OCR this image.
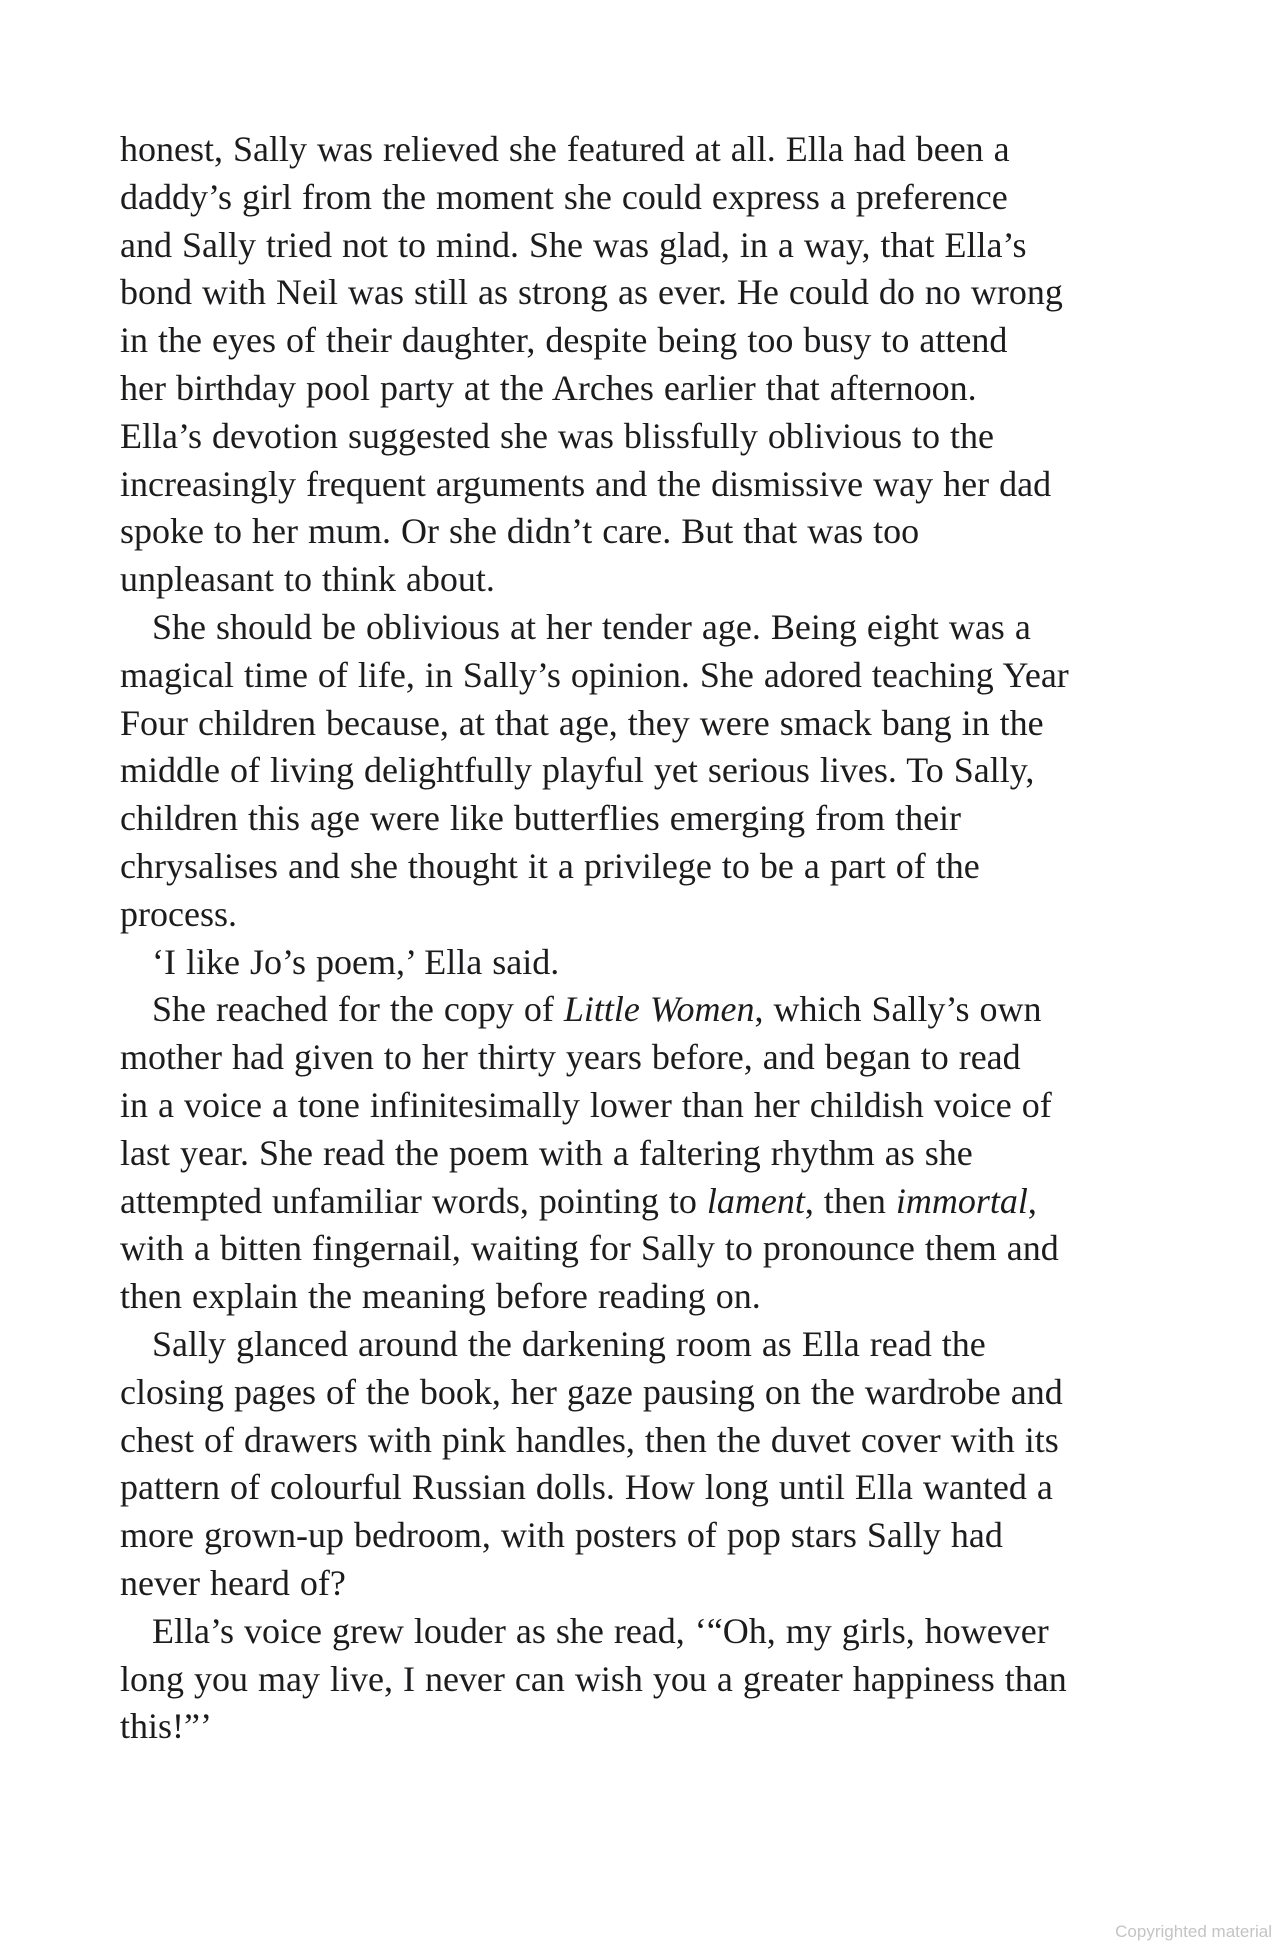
honest, Sally was relieved she featured at all. Ella had been a
daddy’s girl from the moment she could express a preference
and Sally tried not to mind. She was glad, in a way, that Ella’s
bond with Neil was still as strong as ever. He could do no wrong
in the eyes of their daughter, despite being too busy to attend
her birthday pool party at the Arches earlier that afternoon.
Ella’s devotion suggested she was blissfully oblivious to the
increasingly frequent arguments and the dismissive way her dad
spoke to her mum. Or she didn’t care. But that was too
unpleasant to think about.
She should be oblivious at her tender age. Being eight was a
magical time of life, in Sally’s opinion. She adored teaching Year
Four children because, at that age, they were smack bang in the
middle of living delightfully playful yet serious lives. To Sally,
children this age were like butterflies emerging from their
chrysalises and she thought it a privilege to be a part of the
process.
‘I like Jo’s poem,’ Ella said.
She reached for the copy of Little Women, which Sally’s own
mother had given to her thirty years before, and began to read
in a voice a tone infinitesimally lower than her childish voice of
last year. She read the poem with a faltering rhythm as she
attempted unfamiliar words, pointing to lament, then immortal,
with a bitten fingernail, waiting for Sally to pronounce them and
then explain the meaning before reading on.
Sally glanced around the darkening room as Ella read the
closing pages of the book, her gaze pausing on the wardrobe and
chest of drawers with pink handles, then the duvet cover with its
pattern of colourful Russian dolls. How long until Ella wanted a
more grown-up bedroom, with posters of pop stars Sally had
never heard of?
Ella’s voice grew louder as she read, ‘“Oh, my girls, however
long you may live, I never can wish you a greater happiness than
this!”’
Copyrighted material
